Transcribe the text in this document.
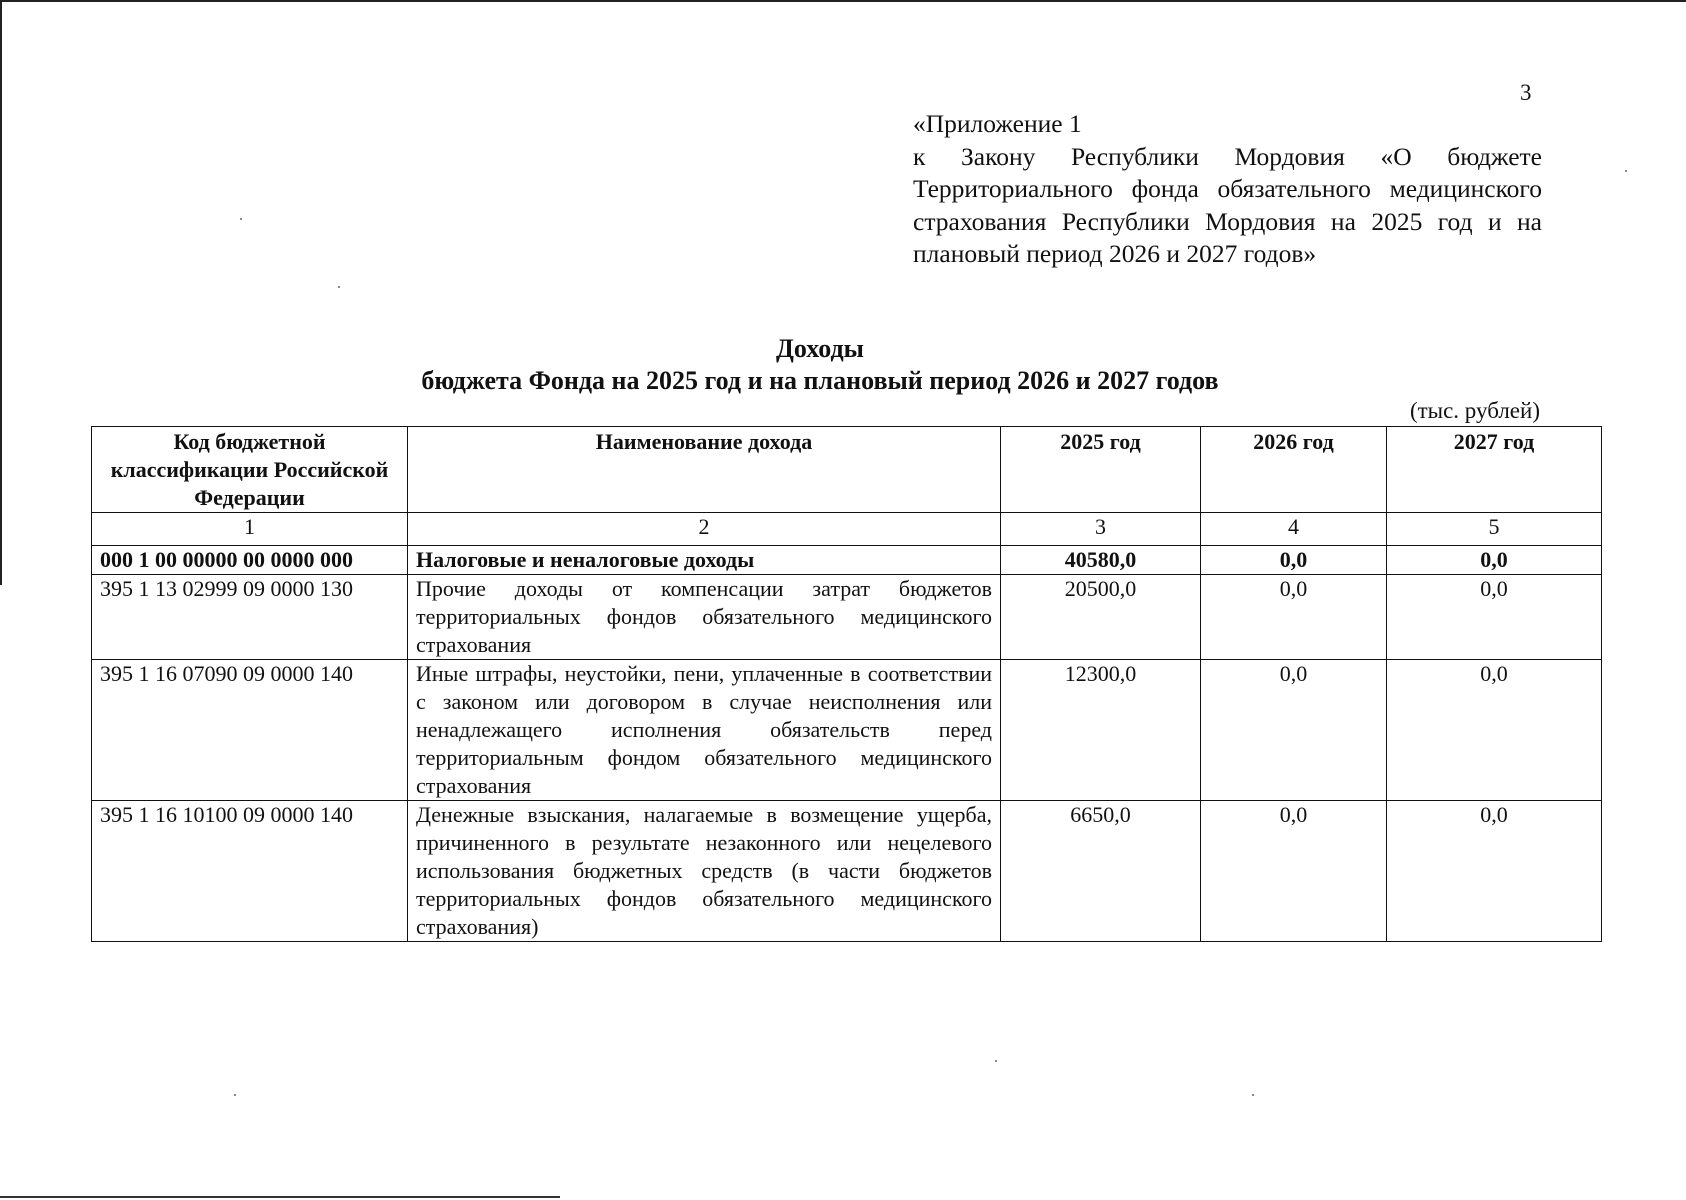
3
«Приложение 1
к Закону Республики Мордовия «О бюджете Территориального фонда обязательного медицинского страхования Республики Мордовия на 2025 год и на плановый период 2026 и 2027 годов»
Доходы
бюджета Фонда на 2025 год и на плановый период 2026 и 2027 годов
(тыс. рублей)
Код бюджетной классификации Российской Федерации	Наименование дохода	2025 год	2026 год	2027 год
1	2	3	4	5
000 1 00 00000 00 0000 000	Налоговые и неналоговые доходы	40580,0	0,0	0,0
395 1 13 02999 09 0000 130	Прочие доходы от компенсации затрат бюджетов территориальных фондов обязательного медицинского страхования	20500,0	0,0	0,0
395 1 16 07090 09 0000 140	Иные штрафы, неустойки, пени, уплаченные в соответствии с законом или договором в случае неисполнения или ненадлежащего исполнения обязательств перед территориальным фондом обязательного медицинского страхования	12300,0	0,0	0,0
395 1 16 10100 09 0000 140	Денежные взыскания, налагаемые в возмещение ущерба, причиненного в результате незаконного или нецелевого использования бюджетных средств (в части бюджетов территориальных фондов обязательного медицинского страхования)	6650,0	0,0	0,0
